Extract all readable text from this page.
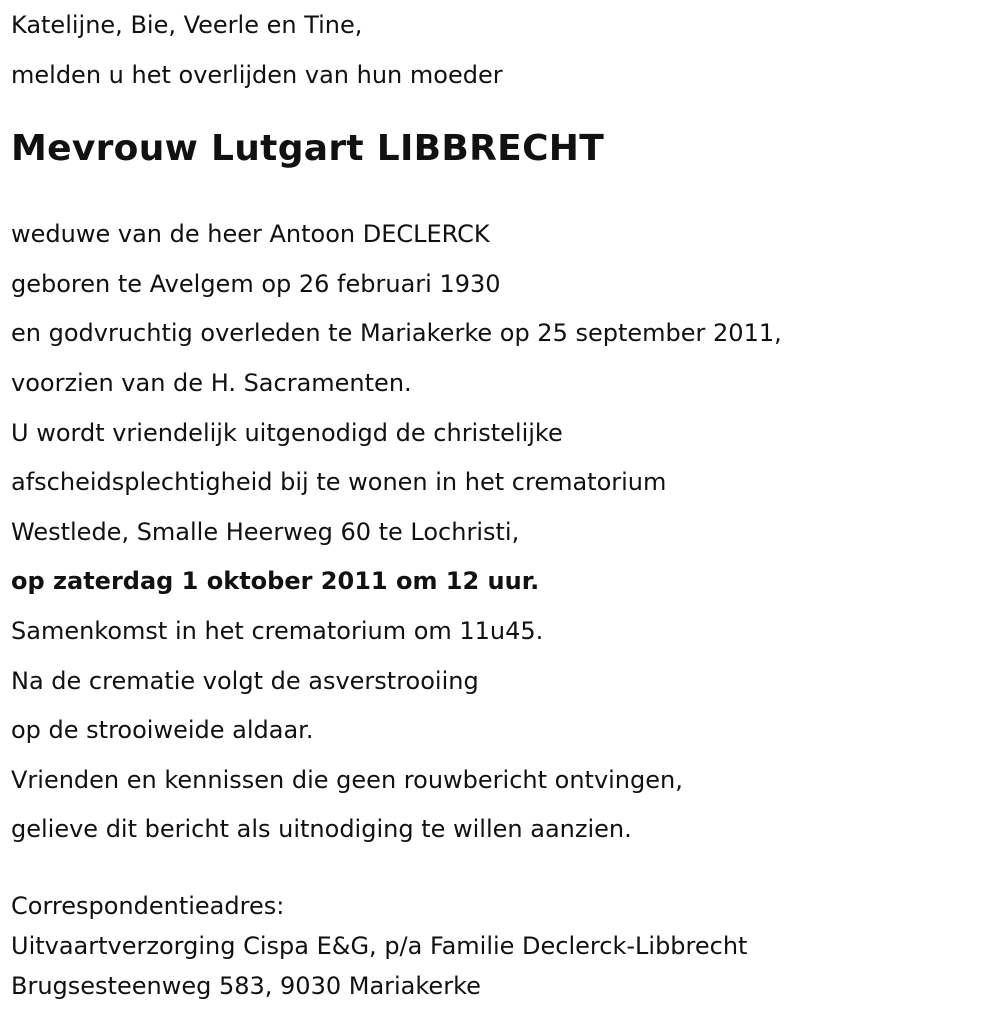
Katelijne, Bie, Veerle en Tine,

melden u het overlijden van hun moeder

Mevrouw Lutgart LIBBRECHT

weduwe van de heer Antoon DECLERCK

geboren te Avelgem op 26 februari 1930

en godvruchtig overleden te Mariakerke op 25 september 2011,

voorzien van de H. Sacramenten.

U wordt vriendelijk uitgenodigd de christelijke

afscheidsplechtigheid bij te wonen in het crematorium

Westlede, Smalle Heerweg 60 te Lochristi,

op zaterdag 1 oktober 2011 om 12 uur.

Samenkomst in het crematorium om 11u45.

Na de crematie volgt de asverstrooiing

op de strooiweide aldaar.

Vrienden en kennissen die geen rouwbericht ontvingen,

gelieve dit bericht als uitnodiging te willen aanzien.

Correspondentieadres:

Uitvaartverzorging Cispa E&G, p/a Familie Declerck-Libbrecht

Brugsesteenweg 583, 9030 Mariakerke
